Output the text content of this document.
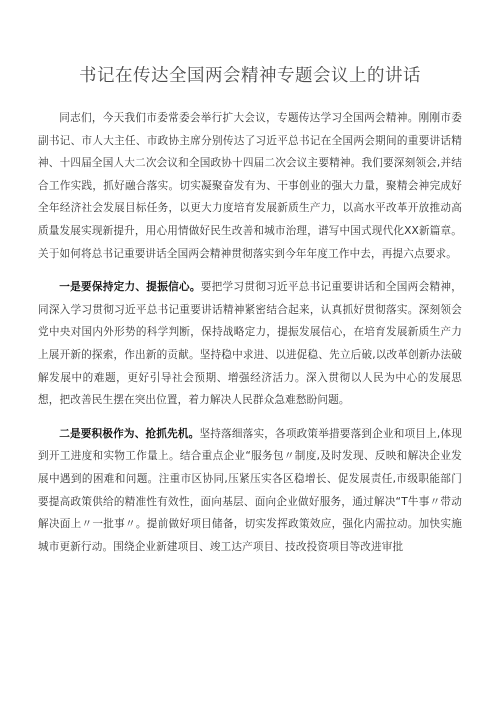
书记在传达全国两会精神专题会议上的讲话

同志们，今天我们市委常委会举行扩大会议，专题传达学习全国两会精神。刚刚市委副书记、市人大主任、市政协主席分别传达了习近平总书记在全国两会期间的重要讲话精神、十四届全国人大二次会议和全国政协十四届二次会议主要精神。我们要深刻领会,并结合工作实践，抓好融合落实。切实凝聚奋发有为、干事创业的强大力量，聚精会神完成好全年经济社会发展目标任务，以更大力度培育发展新质生产力，以高水平改革开放推动高质量发展实现新提升，用心用情做好民生改善和城市治理，谱写中国式现代化XX新篇章。关于如何将总书记重要讲话全国两会精神贯彻落实到今年年度工作中去，再提六点要求。

一是要保持定力、提振信心。要把学习贯彻习近平总书记重要讲话和全国两会精神，同深入学习贯彻习近平总书记重要讲话精神紧密结合起来，认真抓好贯彻落实。深刻领会党中央对国内外形势的科学判断，保持战略定力，提振发展信心，在培育发展新质生产力上展开新的探索，作出新的贡献。坚持稳中求进、以进促稳、先立后破,以改革创新办法破解发展中的难题，更好引导社会预期、增强经济活力。深入贯彻以人民为中心的发展思想，把改善民生摆在突出位置，着力解决人民群众急难愁盼问题。

二是要积极作为、抢抓先机。坚持落细落实，各项政策举措要落到企业和项目上,体现到开工进度和实物工作量上。结合重点企业“服务包〃制度,及时发现、反映和解决企业发展中遇到的困难和问题。注重市区协同,压紧压实各区稳增长、促发展责任,市级职能部门要提高政策供给的精准性有效性，面向基层、面向企业做好服务，通过解决“T牛事〃带动解决面上〃一批事〃。提前做好项目储备，切实发挥政策效应，强化内需拉动。加快实施城市更新行动。围绕企业新建项目、竣工达产项目、技改投资项目等改进审批
